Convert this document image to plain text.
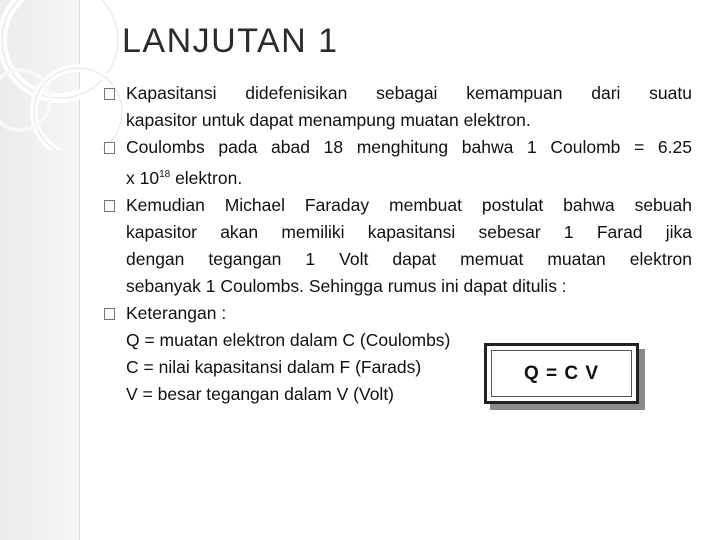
LANJUTAN 1
Kapasitansi didefenisikan sebagai kemampuan dari suatu
kapasitor untuk dapat menampung muatan elektron.
Coulombs pada abad 18 menghitung bahwa 1 Coulomb = 6.25
x $10^{18}$ elektron.
Kemudian Michael Faraday membuat postulat bahwa sebuah
kapasitor akan memiliki kapasitansi sebesar 1 Farad jika
dengan tegangan 1 Volt dapat memuat muatan elektron
sebanyak 1 Coulombs. Sehingga rumus ini dapat ditulis :
Keterangan :
Q = muatan elektron dalam C (Coulombs)
C = nilai kapasitansi dalam F (Farads)
V = besar tegangan dalam V (Volt)
Q = C V
